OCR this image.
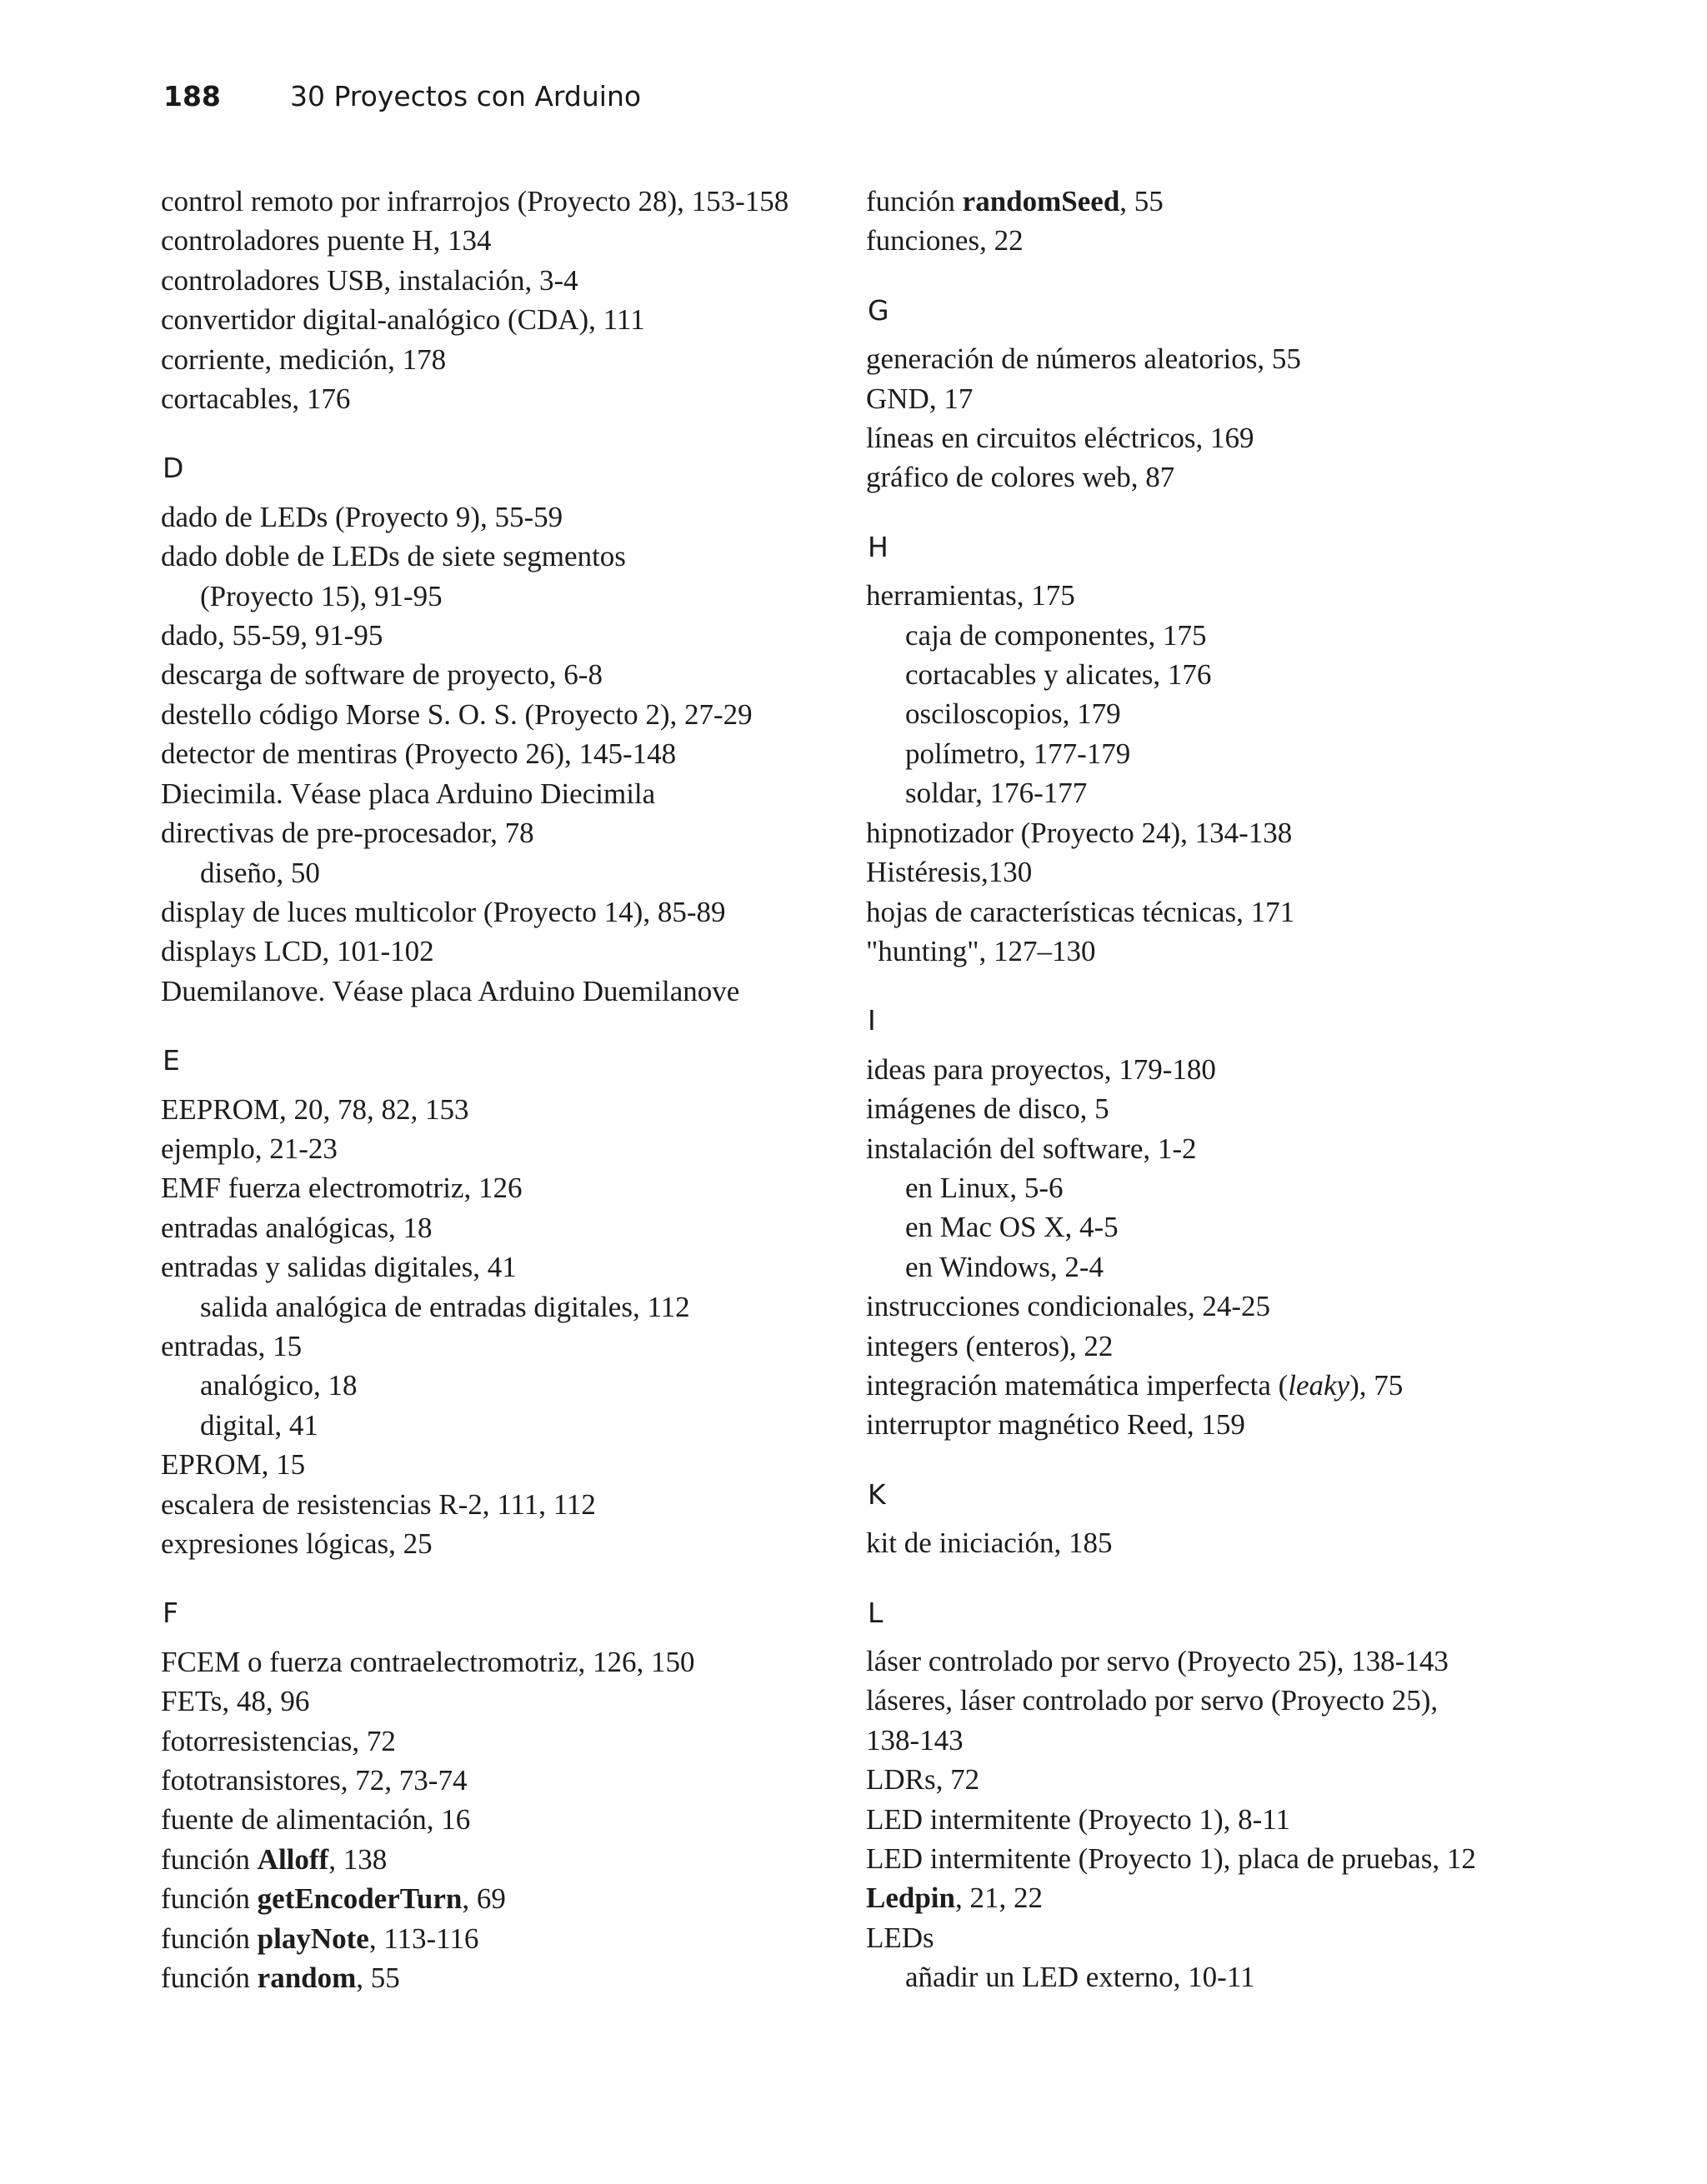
188	30 Proyectos con Arduino
control remoto por infrarrojos (Proyecto 28), 153-158
controladores puente H, 134
controladores USB, instalación, 3-4
convertidor digital-analógico (CDA), 111
corriente, medición, 178
cortacables, 176
D
dado de LEDs (Proyecto 9), 55-59
dado doble de LEDs de siete segmentos
(Proyecto 15), 91-95
dado, 55-59, 91-95
descarga de software de proyecto, 6-8
destello código Morse S. O. S. (Proyecto 2), 27-29
detector de mentiras (Proyecto 26), 145-148
Diecimila. Véase placa Arduino Diecimila
directivas de pre-procesador, 78
diseño, 50
display de luces multicolor (Proyecto 14), 85-89
displays LCD, 101-102
Duemilanove. Véase placa Arduino Duemilanove
E
EEPROM, 20, 78, 82, 153
ejemplo, 21-23
EMF fuerza electromotriz, 126
entradas analógicas, 18
entradas y salidas digitales, 41
salida analógica de entradas digitales, 112
entradas, 15
analógico, 18
digital, 41
EPROM, 15
escalera de resistencias R-2, 111, 112
expresiones lógicas, 25
F
FCEM o fuerza contraelectromotriz, 126, 150
FETs, 48, 96
fotorresistencias, 72
fototransistores, 72, 73-74
fuente de alimentación, 16
función Alloff, 138
función getEncoderTurn, 69
función playNote, 113-116
función random, 55
función randomSeed, 55
funciones, 22
G
generación de números aleatorios, 55
GND, 17
líneas en circuitos eléctricos, 169
gráfico de colores web, 87
H
herramientas, 175
caja de componentes, 175
cortacables y alicates, 176
osciloscopios, 179
polímetro, 177-179
soldar, 176-177
hipnotizador (Proyecto 24), 134-138
Histéresis,130
hojas de características técnicas, 171
"hunting", 127–130
I
ideas para proyectos, 179-180
imágenes de disco, 5
instalación del software, 1-2
en Linux, 5-6
en Mac OS X, 4-5
en Windows, 2-4
instrucciones condicionales, 24-25
integers (enteros), 22
integración matemática imperfecta (leaky), 75
interruptor magnético Reed, 159
K
kit de iniciación, 185
L
láser controlado por servo (Proyecto 25), 138-143
láseres, láser controlado por servo (Proyecto 25),
138-143
LDRs, 72
LED intermitente (Proyecto 1), 8-11
LED intermitente (Proyecto 1), placa de pruebas, 12
Ledpin, 21, 22
LEDs
añadir un LED externo, 10-11
